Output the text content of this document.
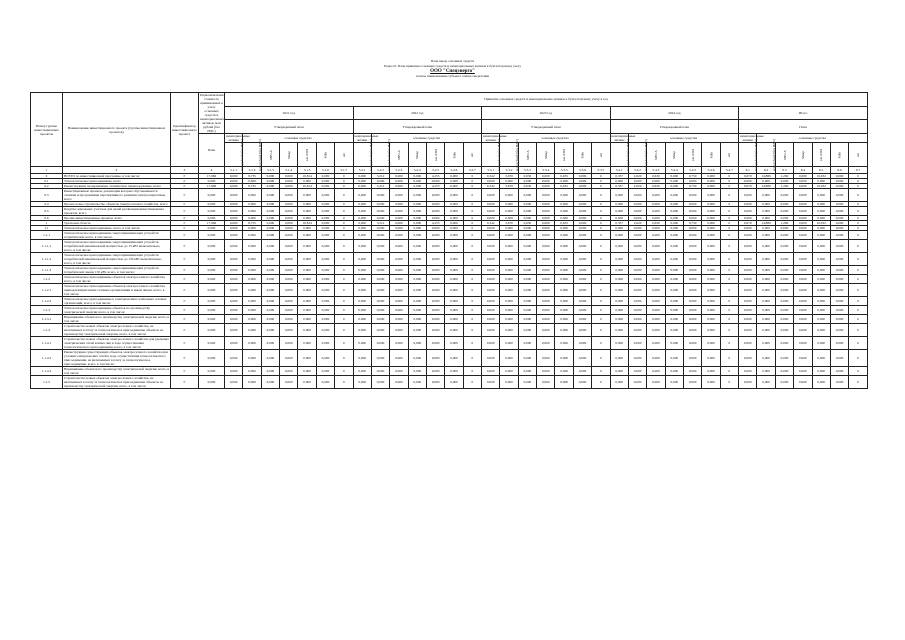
План ввода основных средств
Раздел 6. План принятия основных средств и нематериальных активов к бухгалтерскому учету
ООО "Спецэнерго"
полное наименование субъекта электроэнергетики
Номер группы инвестиционных проектов	Наименование инвестиционного проекта (группы инвестиционных проектов)	Идентификатор инвестиционного проекта	Первоначальная стоимость принимаемых к учету основных средств и нематериальных активов, млн рублей (без НДС)	Принятие основных средств и нематериальных активов к бухгалтерскому учету в год																																		
				2021 год							2022 год							2023 год							2024 год							Итого						
				Утвержденный план							Утвержденный план							Утвержденный план							Утвержденный план							План						
			План	нематериальные активы	основные средства						нематериальные активы	основные средства						нематериальные активы	основные средства						нематериальные активы	основные средства						нематериальные активы	основные средства					
				млн рублей (без НДС)	млн рублей (без НДС)	МВ×А	Мвар	км ЛЭП	МВт	шт	млн рублей (без НДС)	млн рублей (без НДС)	МВ×А	Мвар	км ЛЭП	МВт	шт	млн рублей (без НДС)	млн рублей (без НДС)	МВ×А	Мвар	км ЛЭП	МВт	шт	млн рублей (без НДС)	млн рублей (без НДС)	МВ×А	Мвар	км ЛЭП	МВт	шт	млн рублей (без НДС)	млн рублей (без НДС)	МВ×А	Мвар	км ЛЭП	МВт	шт
1	2	3	4	5.1.1	5.1.2	5.1.3	5.1.4	5.1.5	5.1.6	5.1.7	5.2.1	5.2.2	5.2.3	5.2.4	5.2.5	5.2.6	5.2.7	5.3.1	5.3.2	5.3.3	5.3.4	5.3.5	5.3.6	5.3.7	5.4.1	5.4.2	5.4.3	5.4.4	5.4.5	5.4.6	5.4.7	6.1	6.2	6.3	6.4	6.5	6.6	6.7
0	ВСЕГО по инвестиционной программе, в том числе:	Г	17,966	0,000	8,735	0,000	0,000	10,814	0,000	0	0,000	3,212	0,000	0,000	4,255	0,000	0	0,342	3,670	0,630	0,000	0,635	0,000	0	0,337	2,620	0,630	0,000	0,750	0,000	0	0,679	14,880	1,260	0,000	16,032	0,000	0
0.1	Технологическое присоединение, всего	Г	0,000	0,000	0,000	0,000	0,000	0,000	0,000	0	0,000	0,000	0,000	0,000	0,000	0,000	0	0,000	0,000	0,000	0,000	0,000	0,000	0	0,000	0,000	0,000	0,000	0,000	0,000	0	0,000	0,000	0,000	0,000	0,000	0,000	0
0.2	Реконструкция, модернизация, техническое перевооружение, всего	Г	17,966	0,000	8,735	0,000	0,000	10,814	0,000	0	0,000	3,212	0,000	0,000	4,255	0,000	0	0,342	3,670	0,630	0,000	0,635	0,000	0	0,337	2,620	0,630	0,000	0,750	0,000	0	0,679	14,880	1,260	0,000	16,032	0,000	0
0.3	Инвестиционные проекты, реализация которых обуславливается схемами и программами перспективного развития электроэнергетики, всего	Г	0,000	0,000	0,000	0,000	0,000	0,000	0,000	0	0,000	0,000	0,000	0,000	0,000	0,000	0	0,000	0,000	0,000	0,000	0,000	0,000	0	0,000	0,000	0,000	0,000	0,000	0,000	0	0,000	0,000	0,000	0,000	0,000	0,000	0
0.4	Прочее новое строительство объектов электросетевого хозяйства, всего	Г	0,000	0,000	0,000	0,000	0,000	0,000	0,000	0	0,000	0,000	0,000	0,000	0,000	0,000	0	0,000	0,000	0,000	0,000	0,000	0,000	0	0,000	0,000	0,000	0,000	0,000	0,000	0	0,000	0,000	0,000	0,000	0,000	0,000	0
0.5	Покупка земельных участков для целей реализации инвестиционных проектов, всего	Г	0,000	0,000	0,000	0,000	0,000	0,000	0,000	0	0,000	0,000	0,000	0,000	0,000	0,000	0	0,000	0,000	0,000	0,000	0,000	0,000	0	0,000	0,000	0,000	0,000	0,000	0,000	0	0,000	0,000	0,000	0,000	0,000	0,000	0
0.6	Прочие инвестиционные проекты, всего	Г	0,000	0,000	0,000	0,000	0,000	0,000	0,000	0	0,000	0,000	0,000	0,000	0,000	0,000	0	0,000	0,000	0,000	0,000	0,000	0,000	0	0,000	0,000	0,000	0,000	0,000	0,000	0	0,000	0,000	0,000	0,000	0,000	0,000	0
1	Уральская область	Г	17,966	0,000	8,735	0,000	0,000	10,814	0,000	0	0,000	3,212	0,000	0,000	4,255	0,000	0	0,342	3,670	0,630	0,000	0,635	0,000	0	0,337	2,620	0,630	0,000	0,750	0,000	0	0,679	14,880	1,260	0,000	16,032	0,000	0
1.1	Технологическое присоединение, всего, в том числе:	Г	0,000	0,000	0,000	0,000	0,000	0,000	0,000	0	0,000	0,000	0,000	0,000	0,000	0,000	0	0,000	0,000	0,000	0,000	0,000	0,000	0	0,000	0,000	0,000	0,000	0,000	0,000	0	0,000	0,000	0,000	0,000	0,000	0,000	0
1.1.1	Технологическое присоединение энергопринимающих устройств потребителей, всего, в том числе:	Г	0,000	0,000	0,000	0,000	0,000	0,000	0,000	0	0,000	0,000	0,000	0,000	0,000	0,000	0	0,000	0,000	0,000	0,000	0,000	0,000	0	0,000	0,000	0,000	0,000	0,000	0,000	0	0,000	0,000	0,000	0,000	0,000	0,000	0
1.1.1.1	Технологическое присоединение энергопринимающих устройств потребителей максимальной мощностью до 15 кВт включительно, всего, в том числе:	Г	0,000	0,000	0,000	0,000	0,000	0,000	0,000	0	0,000	0,000	0,000	0,000	0,000	0,000	0	0,000	0,000	0,000	0,000	0,000	0,000	0	0,000	0,000	0,000	0,000	0,000	0,000	0	0,000	0,000	0,000	0,000	0,000	0,000	0
1.1.1.2	Технологическое присоединение энергопринимающих устройств потребителей максимальной мощностью до 150 кВт включительно, всего, в том числе:	Г	0,000	0,000	0,000	0,000	0,000	0,000	0,000	0	0,000	0,000	0,000	0,000	0,000	0,000	0	0,000	0,000	0,000	0,000	0,000	0,000	0	0,000	0,000	0,000	0,000	0,000	0,000	0	0,000	0,000	0,000	0,000	0,000	0,000	0
1.1.1.3	Технологическое присоединение энергопринимающих устройств потребителей свыше 150 кВт, всего, в том числе:	Г	0,000	0,000	0,000	0,000	0,000	0,000	0,000	0	0,000	0,000	0,000	0,000	0,000	0,000	0	0,000	0,000	0,000	0,000	0,000	0,000	0	0,000	0,000	0,000	0,000	0,000	0,000	0	0,000	0,000	0,000	0,000	0,000	0,000	0
1.1.2	Технологическое присоединение объектов электросетевого хозяйства, всего, в том числе:	Г	0,000	0,000	0,000	0,000	0,000	0,000	0,000	0	0,000	0,000	0,000	0,000	0,000	0,000	0	0,000	0,000	0,000	0,000	0,000	0,000	0	0,000	0,000	0,000	0,000	0,000	0,000	0	0,000	0,000	0,000	0,000	0,000	0,000	0
1.1.2.1	Технологическое присоединение объектов электросетевого хозяйства, принадлежащих иным сетевым организациям и иным лицам, всего, в том числе:	Г	0,000	0,000	0,000	0,000	0,000	0,000	0,000	0	0,000	0,000	0,000	0,000	0,000	0,000	0	0,000	0,000	0,000	0,000	0,000	0,000	0	0,000	0,000	0,000	0,000	0,000	0,000	0	0,000	0,000	0,000	0,000	0,000	0,000	0
1.1.2.2	Технологическое присоединение к электрическим сетям иных сетевых организаций, всего, в том числе:	Г	0,000	0,000	0,000	0,000	0,000	0,000	0,000	0	0,000	0,000	0,000	0,000	0,000	0,000	0	0,000	0,000	0,000	0,000	0,000	0,000	0	0,000	0,000	0,000	0,000	0,000	0,000	0	0,000	0,000	0,000	0,000	0,000	0,000	0
1.1.3	Технологическое присоединение объектов по производству электрической энергии всего, в том числе:	Г	0,000	0,000	0,000	0,000	0,000	0,000	0,000	0	0,000	0,000	0,000	0,000	0,000	0,000	0	0,000	0,000	0,000	0,000	0,000	0,000	0	0,000	0,000	0,000	0,000	0,000	0,000	0	0,000	0,000	0,000	0,000	0,000	0,000	0
1.1.3.1	Наращивание объектов по производству электрической энергии, всего, в том числе:	Г	0,000	0,000	0,000	0,000	0,000	0,000	0,000	0	0,000	0,000	0,000	0,000	0,000	0,000	0	0,000	0,000	0,000	0,000	0,000	0,000	0	0,000	0,000	0,000	0,000	0,000	0,000	0	0,000	0,000	0,000	0,000	0,000	0,000	0
1.1.4	Строительство новых объектов электросетевого хозяйства, не включенных в плату за технологическое присоединение объектов по производству электрической энергии, всего, в том числе:	Г	0,000	0,000	0,000	0,000	0,000	0,000	0,000	0	0,000	0,000	0,000	0,000	0,000	0,000	0	0,000	0,000	0,000	0,000	0,000	0,000	0	0,000	0,000	0,000	0,000	0,000	0,000	0	0,000	0,000	0,000	0,000	0,000	0,000	0
1.1.4.1	Строительство новых объектов электросетевого хозяйства для удельных электрических сетей и иных лиц в ходе осуществления технологического присоединения, всего, в том числе:	Г	0,000	0,000	0,000	0,000	0,000	0,000	0,000	0	0,000	0,000	0,000	0,000	0,000	0,000	0	0,000	0,000	0,000	0,000	0,000	0,000	0	0,000	0,000	0,000	0,000	0,000	0,000	0	0,000	0,000	0,000	0,000	0,000	0,000	0
1.1.4.2	Реконструкция существующих объектов электросетевого хозяйства при условии электрических сетей в ходе осуществления технологического присоединения, не включенных в плату за технологическое присоединение, всего, в том числе:	Г	0,000	0,000	0,000	0,000	0,000	0,000	0,000	0	0,000	0,000	0,000	0,000	0,000	0,000	0	0,000	0,000	0,000	0,000	0,000	0,000	0	0,000	0,000	0,000	0,000	0,000	0,000	0	0,000	0,000	0,000	0,000	0,000	0,000	0
1.1.4.3	Наращивание объектов по производству электрической энергии, всего, в том числе:	Г	0,000	0,000	0,000	0,000	0,000	0,000	0,000	0	0,000	0,000	0,000	0,000	0,000	0,000	0	0,000	0,000	0,000	0,000	0,000	0,000	0	0,000	0,000	0,000	0,000	0,000	0,000	0	0,000	0,000	0,000	0,000	0,000	0,000	0
1.1.5	Строительство новых объектов электросетевого хозяйства, не включенных в плату за технологическое присоединение объектов по производству электрической энергии, всего, в том числе:	Г	0,000	0,000	0,000	0,000	0,000	0,000	0,000	0	0,000	0,000	0,000	0,000	0,000	0,000	0	0,000	0,000	0,000	0,000	0,000	0,000	0	0,000	0,000	0,000	0,000	0,000	0,000	0	0,000	0,000	0,000	0,000	0,000	0,000	0
